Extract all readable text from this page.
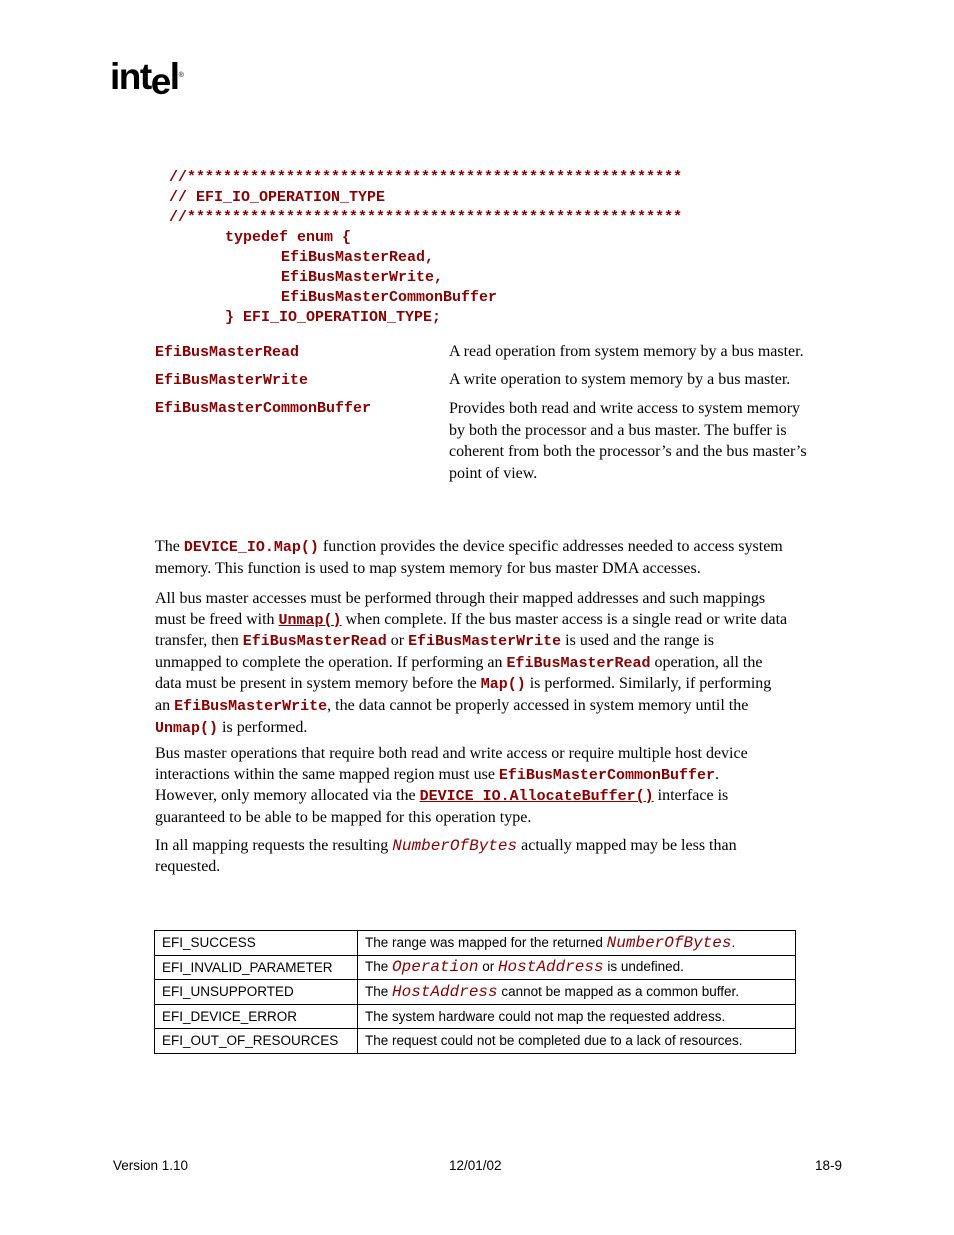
intel®
//*******************************************************
// EFI_IO_OPERATION_TYPE
//*******************************************************
typedef enum {
EfiBusMasterRead,
EfiBusMasterWrite,
EfiBusMasterCommonBuffer
} EFI_IO_OPERATION_TYPE;
EfiBusMasterRead	A read operation from system memory by a bus master.
EfiBusMasterWrite	A write operation to system memory by a bus master.
EfiBusMasterCommonBuffer	Provides both read and write access to system memory
by both the processor and a bus master. The buffer is
coherent from both the processor’s and the bus master’s
point of view.
The DEVICE_IO.Map() function provides the device specific addresses needed to access system
memory. This function is used to map system memory for bus master DMA accesses.
All bus master accesses must be performed through their mapped addresses and such mappings
must be freed with Unmap() when complete. If the bus master access is a single read or write data
transfer, then EfiBusMasterRead or EfiBusMasterWrite is used and the range is
unmapped to complete the operation. If performing an EfiBusMasterRead operation, all the
data must be present in system memory before the Map() is performed. Similarly, if performing
an EfiBusMasterWrite, the data cannot be properly accessed in system memory until the
Unmap() is performed.
Bus master operations that require both read and write access or require multiple host device
interactions within the same mapped region must use EfiBusMasterCommonBuffer.
However, only memory allocated via the DEVICE_IO.AllocateBuffer() interface is
guaranteed to be able to be mapped for this operation type.
In all mapping requests the resulting NumberOfBytes actually mapped may be less than
requested.
EFI_SUCCESS	The range was mapped for the returned NumberOfBytes.
EFI_INVALID_PARAMETER	The Operation or HostAddress is undefined.
EFI_UNSUPPORTED	The HostAddress cannot be mapped as a common buffer.
EFI_DEVICE_ERROR	The system hardware could not map the requested address.
EFI_OUT_OF_RESOURCES	The request could not be completed due to a lack of resources.
Version 1.10	12/01/02	18-9
